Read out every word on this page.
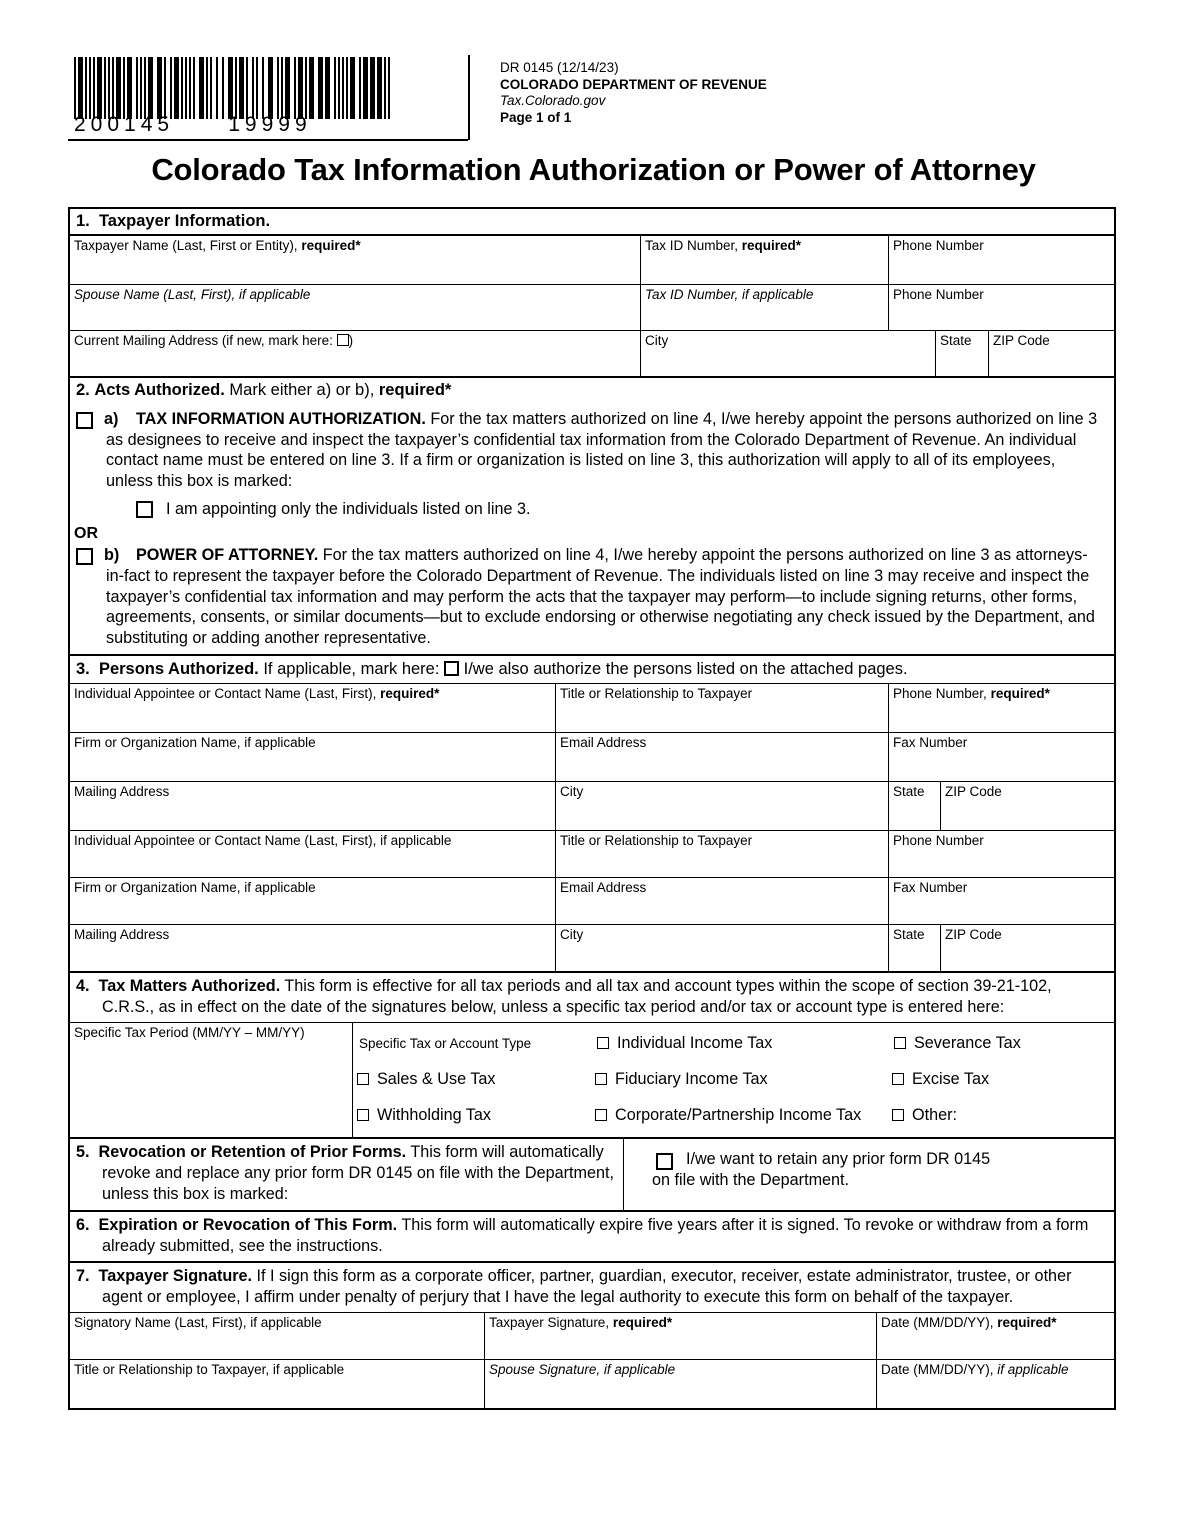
200145     19999
DR 0145 (12/14/23)
COLORADO DEPARTMENT OF REVENUE
Tax.Colorado.gov
Page 1 of 1
Colorado Tax Information Authorization or Power of Attorney
1. Taxpayer Information.
Taxpayer Name (Last, First or Entity), required*	Tax ID Number, required*	Phone Number
Spouse Name (Last, First), if applicable	Tax ID Number, if applicable	Phone Number
Current Mailing Address (if new, mark here: )	City	State	ZIP Code
2. Acts Authorized. Mark either a) or b), required*
a) TAX INFORMATION AUTHORIZATION. For the tax matters authorized on line 4, I/we hereby appoint the persons authorized on line 3 as designees to receive and inspect the taxpayer’s confidential tax information from the Colorado Department of Revenue. An individual contact name must be entered on line 3. If a firm or organization is listed on line 3, this authorization will apply to all of its employees, unless this box is marked:
I am appointing only the individuals listed on line 3.
OR
b) POWER OF ATTORNEY. For the tax matters authorized on line 4, I/we hereby appoint the persons authorized on line 3 as attorneys-in-fact to represent the taxpayer before the Colorado Department of Revenue. The individuals listed on line 3 may receive and inspect the taxpayer’s confidential tax information and may perform the acts that the taxpayer may perform—to include signing returns, other forms, agreements, consents, or similar documents—but to exclude endorsing or otherwise negotiating any check issued by the Department, and substituting or adding another representative.
3. Persons Authorized. If applicable, mark here:  I/we also authorize the persons listed on the attached pages.
Individual Appointee or Contact Name (Last, First), required*	Title or Relationship to Taxpayer	Phone Number, required*
Firm or Organization Name, if applicable	Email Address	Fax Number
Mailing Address	City	State	ZIP Code
Individual Appointee or Contact Name (Last, First), if applicable	Title or Relationship to Taxpayer	Phone Number
Firm or Organization Name, if applicable	Email Address	Fax Number
Mailing Address	City	State	ZIP Code
4. Tax Matters Authorized. This form is effective for all tax periods and all tax and account types within the scope of section 39-21-102, C.R.S., as in effect on the date of the signatures below, unless a specific tax period and/or tax or account type is entered here:
Specific Tax Period (MM/YY – MM/YY)
Specific Tax or Account Type	Individual Income Tax	Severance Tax
Sales & Use Tax	Fiduciary Income Tax	Excise Tax
Withholding Tax	Corporate/Partnership Income Tax	Other:
5. Revocation or Retention of Prior Forms. This form will automatically revoke and replace any prior form DR 0145 on file with the Department, unless this box is marked:
I/we want to retain any prior form DR 0145
on file with the Department.
6. Expiration or Revocation of This Form. This form will automatically expire five years after it is signed. To revoke or withdraw from a form already submitted, see the instructions.
7. Taxpayer Signature. If I sign this form as a corporate officer, partner, guardian, executor, receiver, estate administrator, trustee, or other agent or employee, I affirm under penalty of perjury that I have the legal authority to execute this form on behalf of the taxpayer.
Signatory Name (Last, First), if applicable	Taxpayer Signature, required*	Date (MM/DD/YY), required*
Title or Relationship to Taxpayer, if applicable	Spouse Signature, if applicable	Date (MM/DD/YY), if applicable
